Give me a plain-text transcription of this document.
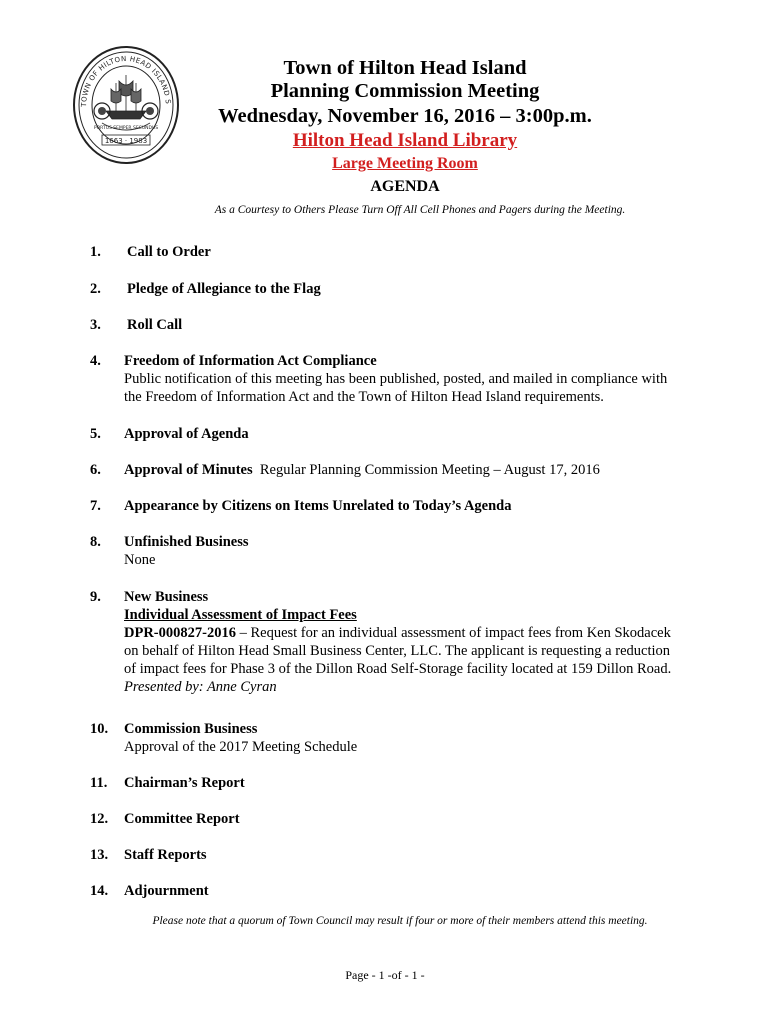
TOWN OF HILTON HEAD ISLAND S
PORTUS SEMPER SECUNDUS
1663 · 1983
Town of Hilton Head Island
Planning Commission Meeting
Wednesday, November 16, 2016 – 3:00p.m.
Hilton Head Island Library
Large Meeting Room
AGENDA
As a Courtesy to Others Please Turn Off All Cell Phones and Pagers during the Meeting.
1. Call to Order
2. Pledge of Allegiance to the Flag
3. Roll Call
4. Freedom of Information Act Compliance
Public notification of this meeting has been published, posted, and mailed in compliance with
the Freedom of Information Act and the Town of Hilton Head Island requirements.
5. Approval of Agenda
6. Approval of Minutes Regular Planning Commission Meeting – August 17, 2016
7. Appearance by Citizens on Items Unrelated to Today’s Agenda
8. Unfinished Business
None
9. New Business
Individual Assessment of Impact Fees
DPR-000827-2016 – Request for an individual assessment of impact fees from Ken Skodacek
on behalf of Hilton Head Small Business Center, LLC. The applicant is requesting a reduction
of impact fees for Phase 3 of the Dillon Road Self-Storage facility located at 159 Dillon Road.
Presented by: Anne Cyran
10. Commission Business
Approval of the 2017 Meeting Schedule
11. Chairman’s Report
12. Committee Report
13. Staff Reports
14. Adjournment
Please note that a quorum of Town Council may result if four or more of their members attend this meeting.
Page - 1 -of - 1 -
